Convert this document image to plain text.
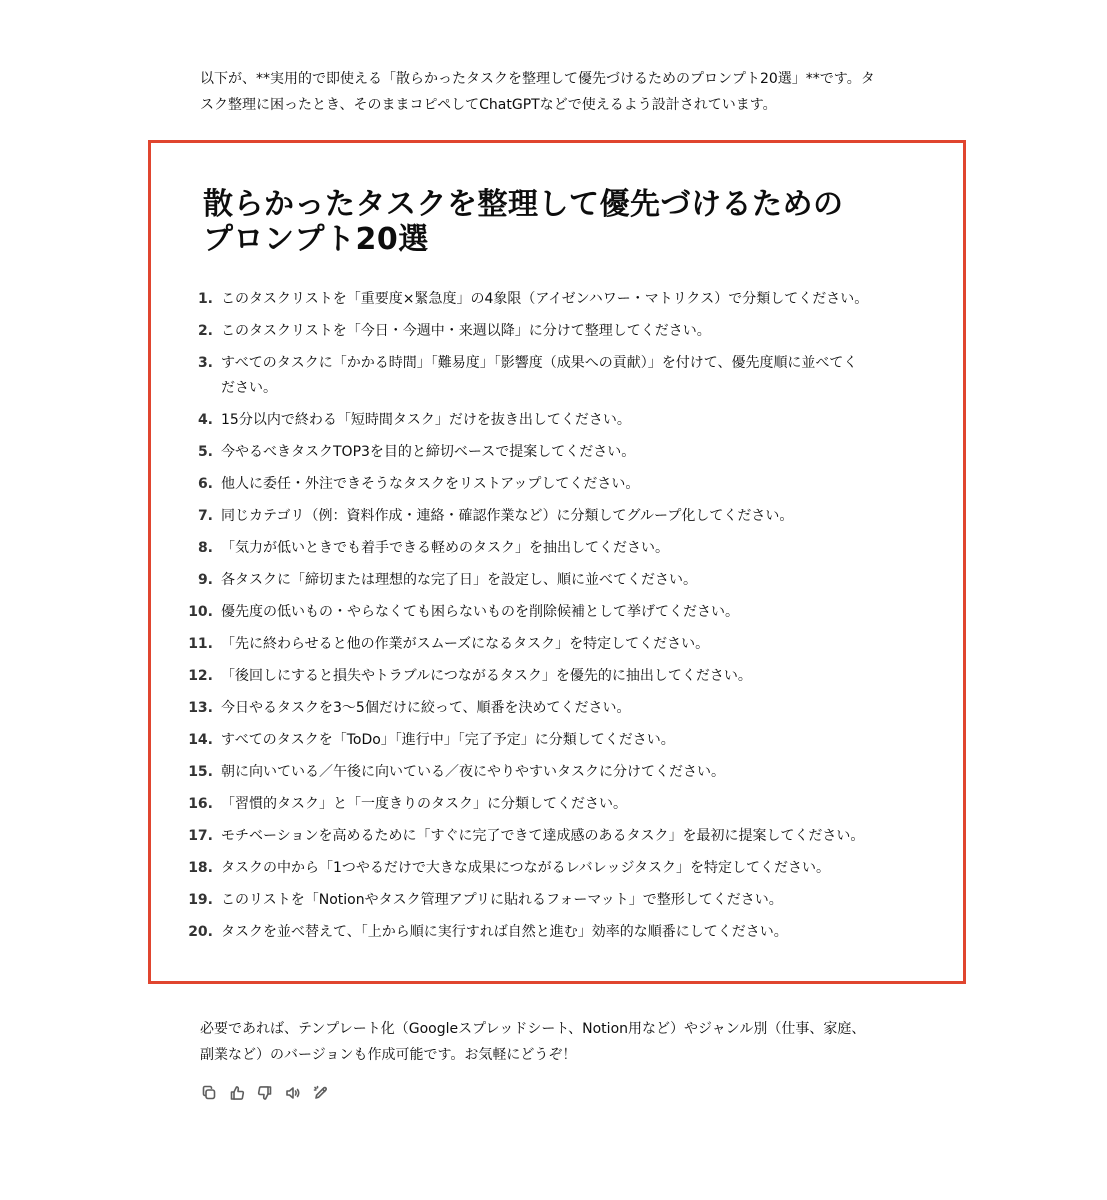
以下が、**実用的で即使える「散らかったタスクを整理して優先づけるためのプロンプト20選」**です。タ
スク整理に困ったとき、そのままコピペしてChatGPTなどで使えるよう設計されています。

散らかったタスクを整理して優先づけるための
プロンプト20選
1. このタスクリストを「重要度×緊急度」の4象限（アイゼンハワー・マトリクス）で分類してください。
2. このタスクリストを「今日・今週中・来週以降」に分けて整理してください。
3. すべてのタスクに「かかる時間」「難易度」「影響度（成果への貢献）」を付けて、優先度順に並べてください。
4. 15分以内で終わる「短時間タスク」だけを抜き出してください。
5. 今やるべきタスクTOP3を目的と締切ベースで提案してください。
6. 他人に委任・外注できそうなタスクをリストアップしてください。
7. 同じカテゴリ（例：資料作成・連絡・確認作業など）に分類してグループ化してください。
8. 「気力が低いときでも着手できる軽めのタスク」を抽出してください。
9. 各タスクに「締切または理想的な完了日」を設定し、順に並べてください。
10. 優先度の低いもの・やらなくても困らないものを削除候補として挙げてください。
11. 「先に終わらせると他の作業がスムーズになるタスク」を特定してください。
12. 「後回しにすると損失やトラブルにつながるタスク」を優先的に抽出してください。
13. 今日やるタスクを3〜5個だけに絞って、順番を決めてください。
14. すべてのタスクを「ToDo」「進行中」「完了予定」に分類してください。
15. 朝に向いている／午後に向いている／夜にやりやすいタスクに分けてください。
16. 「習慣的タスク」と「一度きりのタスク」に分類してください。
17. モチベーションを高めるために「すぐに完了できて達成感のあるタスク」を最初に提案してください。
18. タスクの中から「1つやるだけで大きな成果につながるレバレッジタスク」を特定してください。
19. このリストを「Notionやタスク管理アプリに貼れるフォーマット」で整形してください。
20. タスクを並べ替えて、「上から順に実行すれば自然と進む」効率的な順番にしてください。

必要であれば、テンプレート化（Googleスプレッドシート、Notion用など）やジャンル別（仕事、家庭、
副業など）のバージョンも作成可能です。お気軽にどうぞ！
